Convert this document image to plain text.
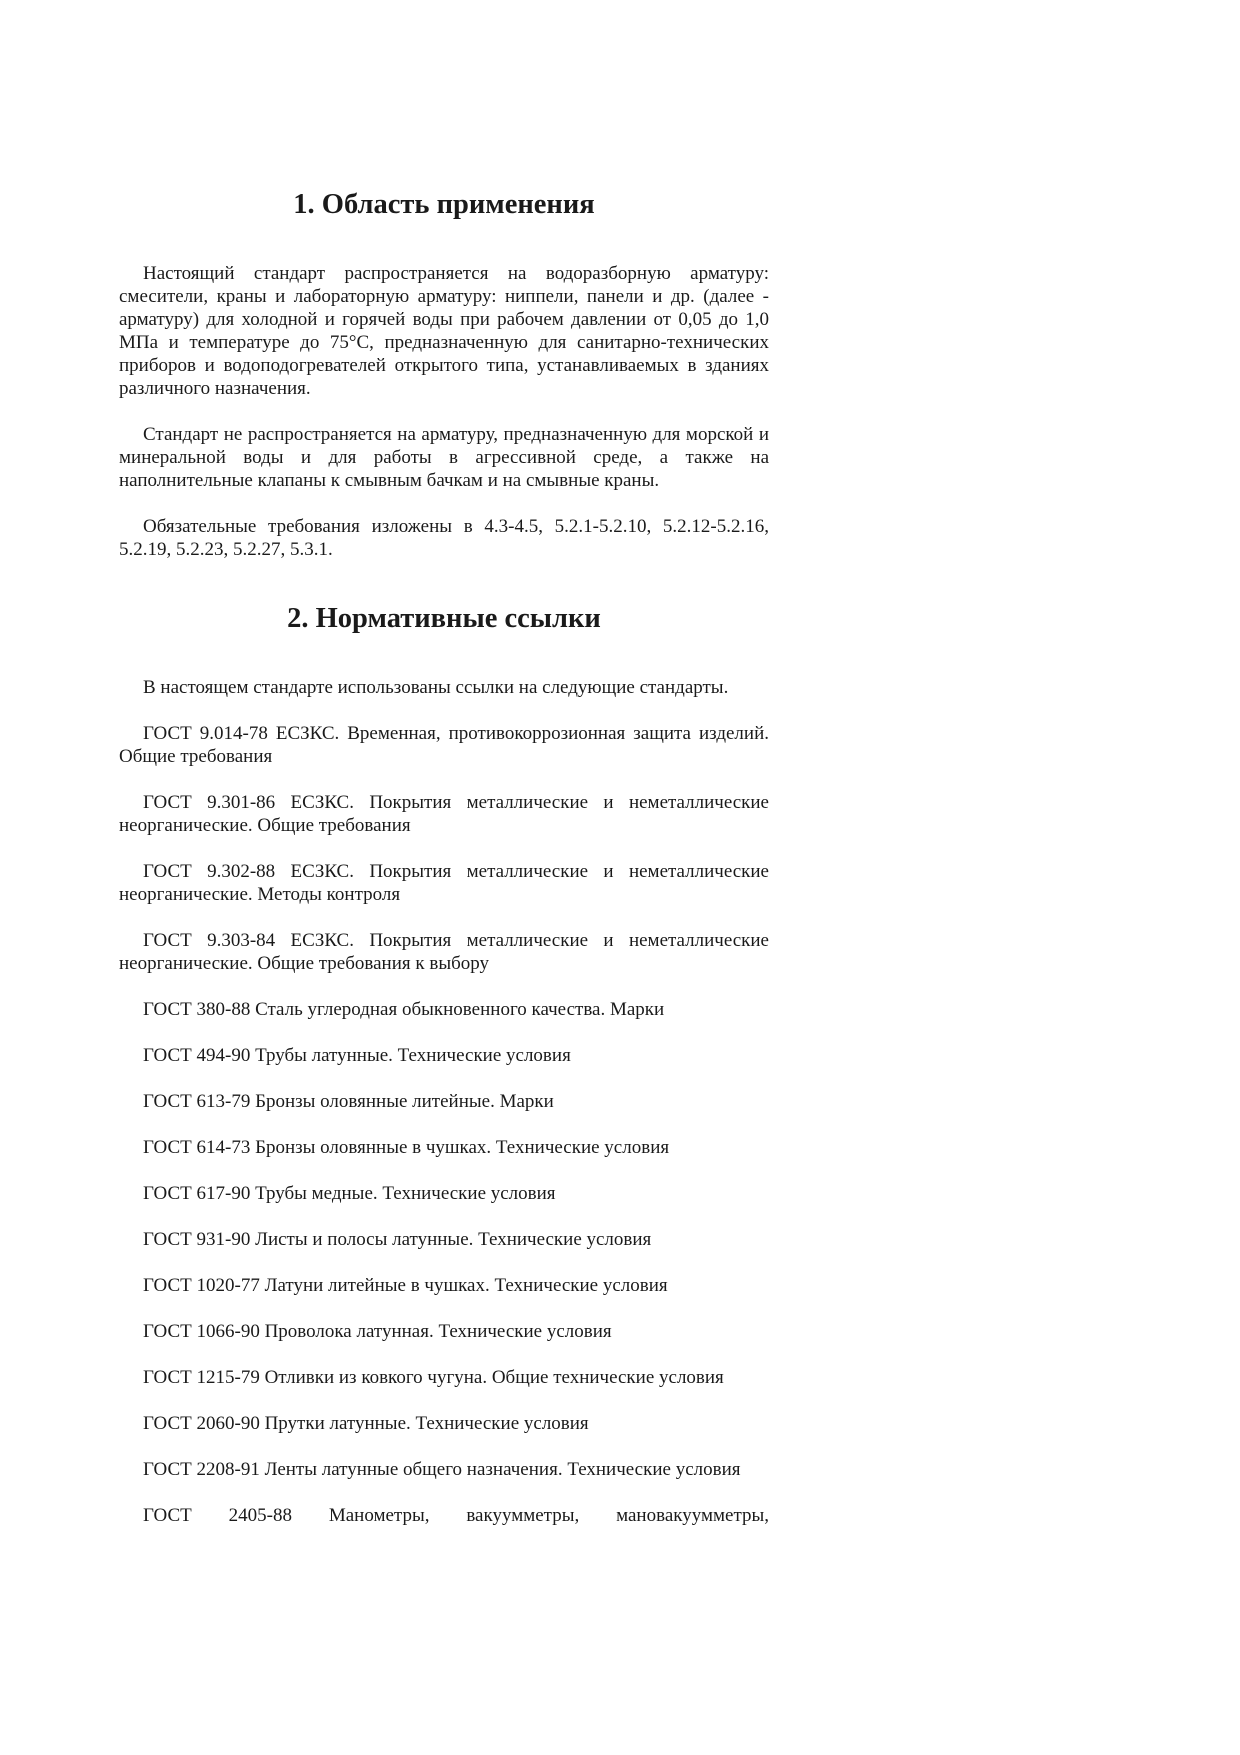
1. Область применения

Настоящий стандарт распространяется на водоразборную арматуру: смесители, краны и лабораторную арматуру: ниппели, панели и др. (далее - арматуру) для холодной и горячей воды при рабочем давлении от 0,05 до 1,0 МПа и температуре до 75°С, предназначенную для санитарно-технических приборов и водоподогревателей открытого типа, устанавливаемых в зданиях различного назначения.

Стандарт не распространяется на арматуру, предназначенную для морской и минеральной воды и для работы в агрессивной среде, а также на наполнительные клапаны к смывным бачкам и на смывные краны.

Обязательные требования изложены в 4.3-4.5, 5.2.1-5.2.10, 5.2.12-5.2.16, 5.2.19, 5.2.23, 5.2.27, 5.3.1.

2. Нормативные ссылки

В настоящем стандарте использованы ссылки на следующие стандарты.

ГОСТ 9.014-78 ЕСЗКС. Временная, противокоррозионная защита изделий. Общие требования

ГОСТ 9.301-86 ЕСЗКС. Покрытия металлические и неметаллические неорганические. Общие требования

ГОСТ 9.302-88 ЕСЗКС. Покрытия металлические и неметаллические неорганические. Методы контроля

ГОСТ 9.303-84 ЕСЗКС. Покрытия металлические и неметаллические неорганические. Общие требования к выбору

ГОСТ 380-88 Сталь углеродная обыкновенного качества. Марки

ГОСТ 494-90 Трубы латунные. Технические условия

ГОСТ 613-79 Бронзы оловянные литейные. Марки

ГОСТ 614-73 Бронзы оловянные в чушках. Технические условия

ГОСТ 617-90 Трубы медные. Технические условия

ГОСТ 931-90 Листы и полосы латунные. Технические условия

ГОСТ 1020-77 Латуни литейные в чушках. Технические условия

ГОСТ 1066-90 Проволока латунная. Технические условия

ГОСТ 1215-79 Отливки из ковкого чугуна. Общие технические условия

ГОСТ 2060-90 Прутки латунные. Технические условия

ГОСТ 2208-91 Ленты латунные общего назначения. Технические условия

ГОСТ 2405-88 Манометры, вакуумметры, мановакуумметры,
